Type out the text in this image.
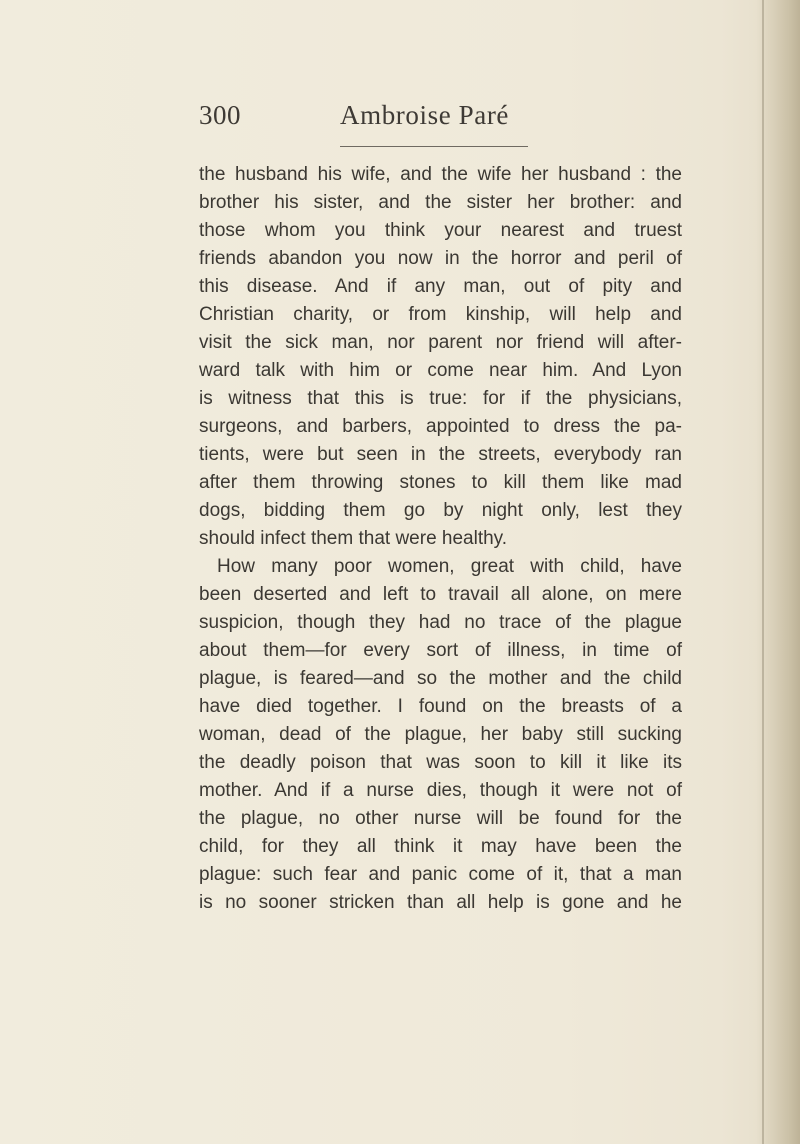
300	Ambroise Paré
the husband his wife, and the wife her husband : the
brother his sister, and the sister her brother: and
those whom you think your nearest and truest
friends abandon you now in the horror and peril of
this disease. And if any man, out of pity and
Christian charity, or from kinship, will help and
visit the sick man, nor parent nor friend will after-
ward talk with him or come near him. And Lyon
is witness that this is true: for if the physicians,
surgeons, and barbers, appointed to dress the pa-
tients, were but seen in the streets, everybody ran
after them throwing stones to kill them like mad
dogs, bidding them go by night only, lest they
should infect them that were healthy.
How many poor women, great with child, have
been deserted and left to travail all alone, on mere
suspicion, though they had no trace of the plague
about them—for every sort of illness, in time of
plague, is feared—and so the mother and the child
have died together. I found on the breasts of a
woman, dead of the plague, her baby still sucking
the deadly poison that was soon to kill it like its
mother. And if a nurse dies, though it were not of
the plague, no other nurse will be found for the
child, for they all think it may have been the
plague: such fear and panic come of it, that a man
is no sooner stricken than all help is gone and he
